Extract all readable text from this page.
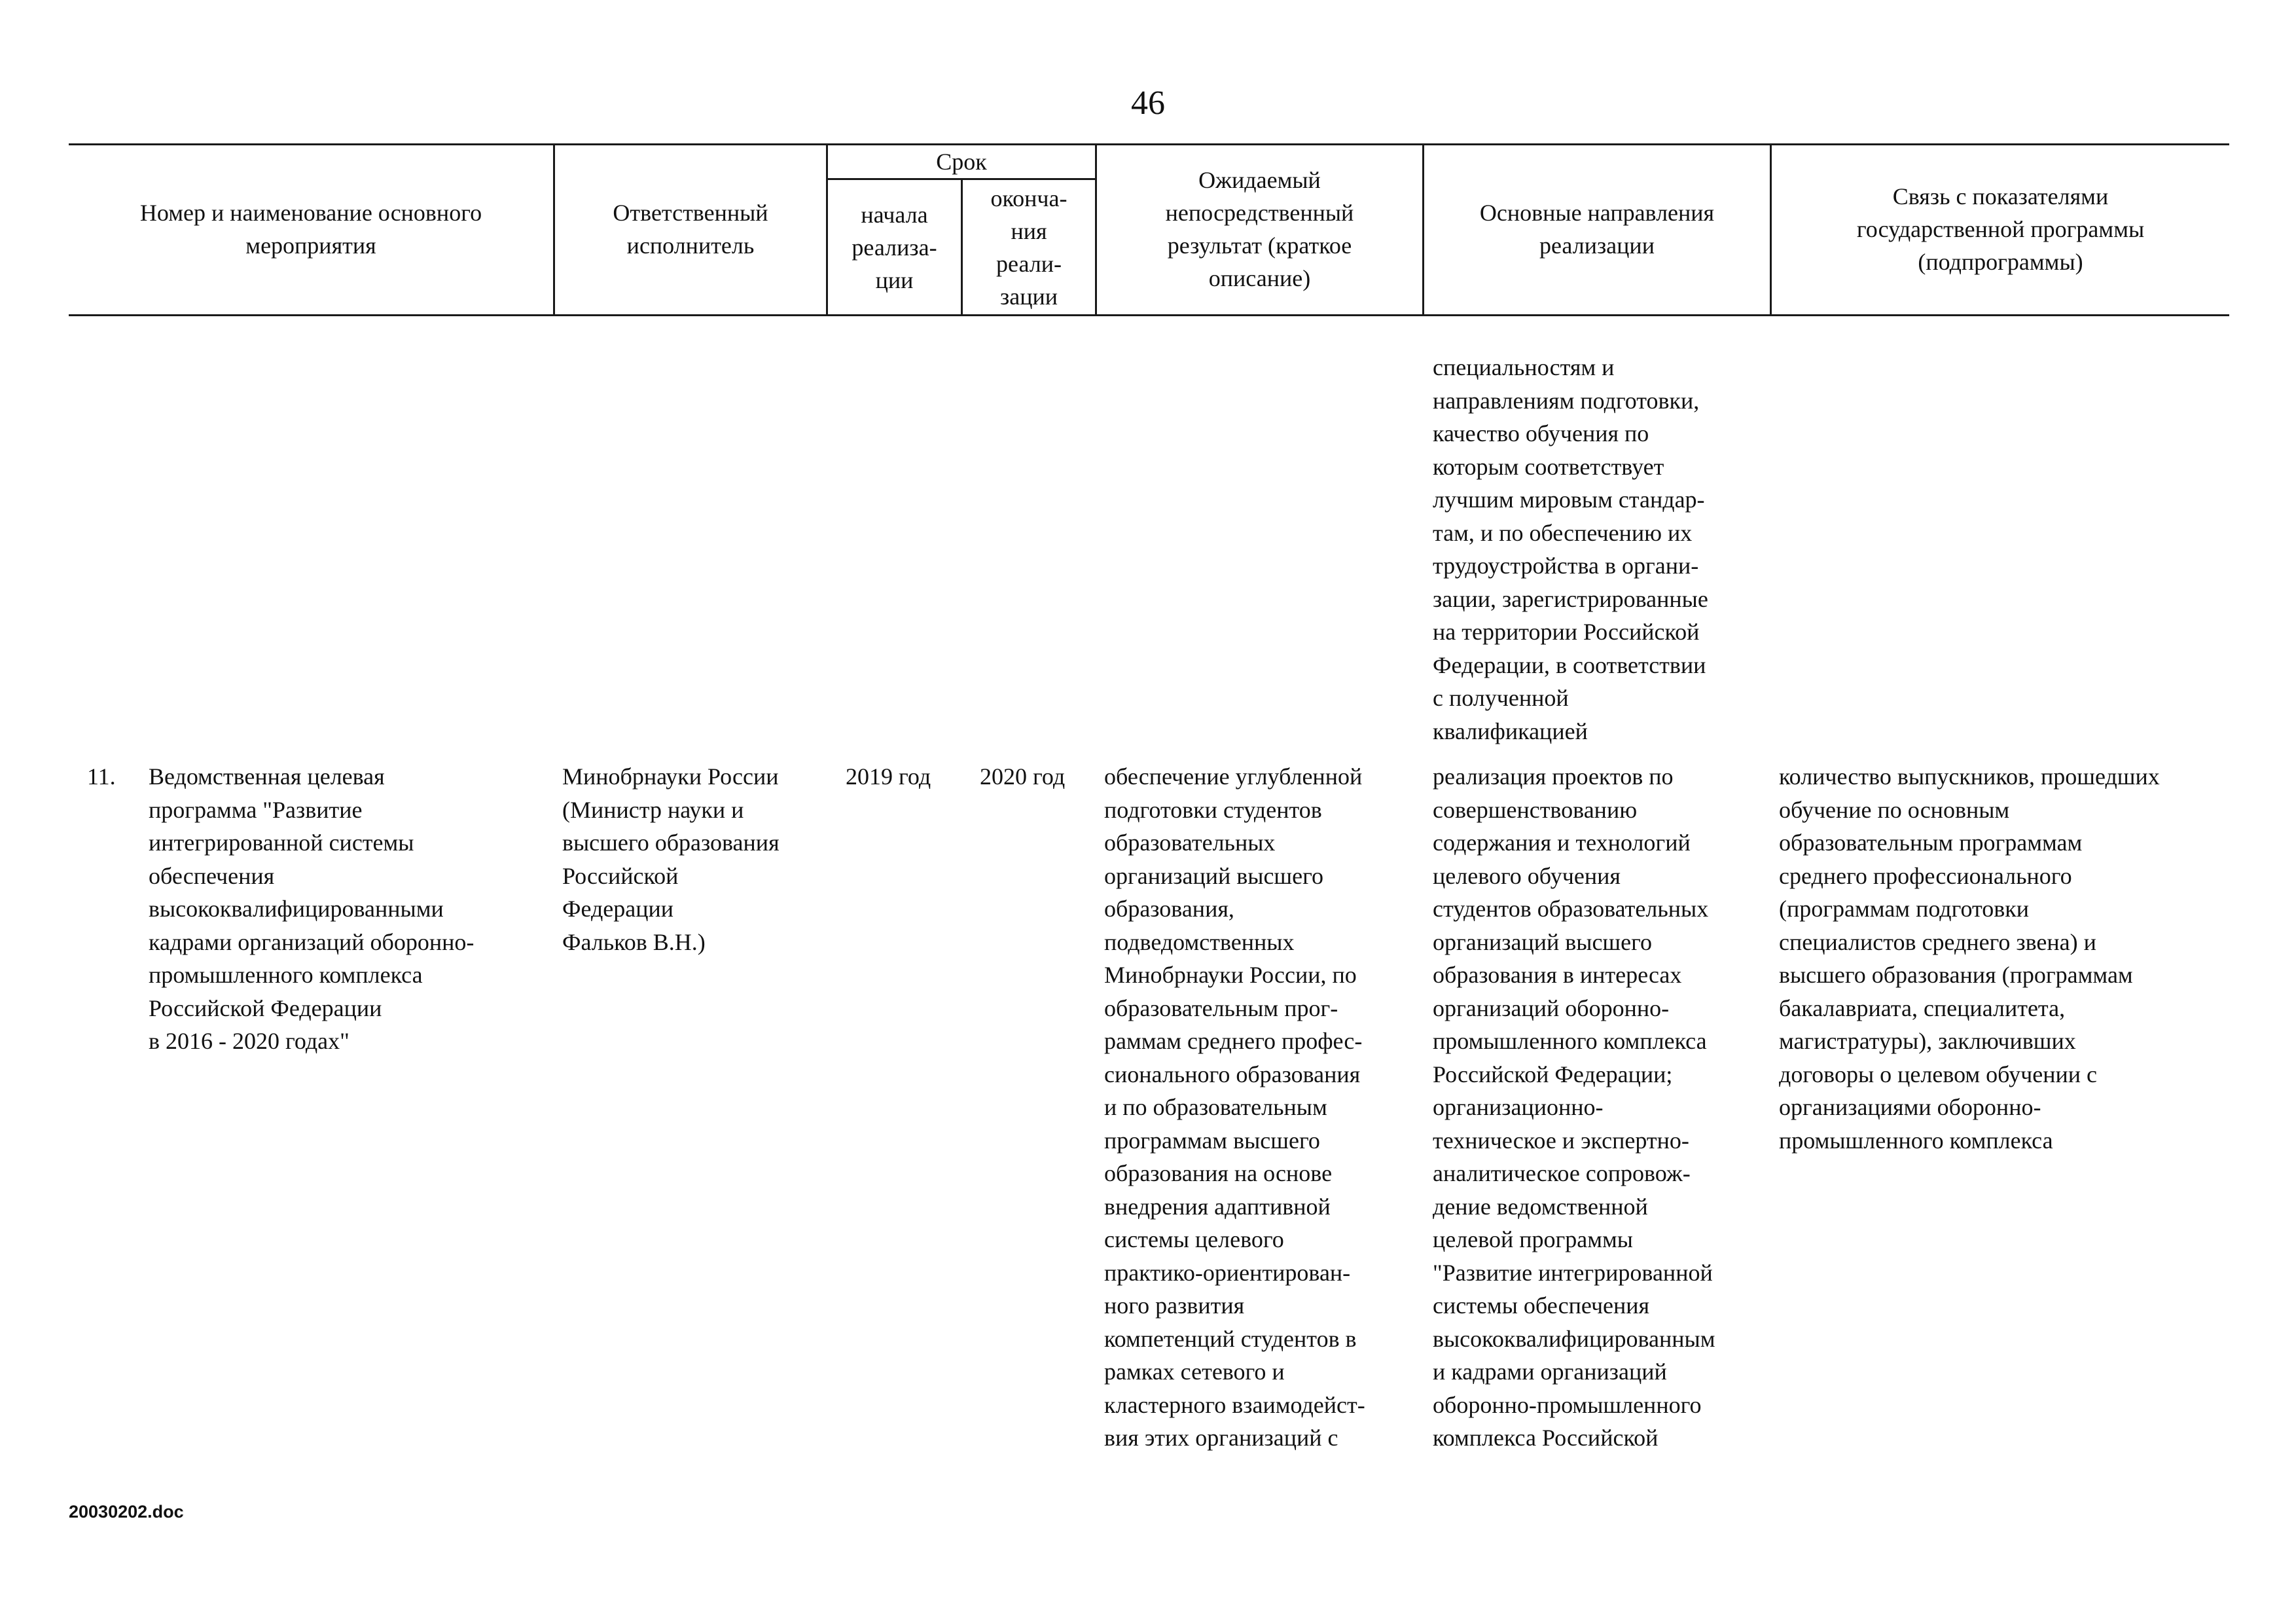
46
Номер и наименование основного
мероприятия
Ответственный
исполнитель
Срок
начала
реализа-
ции
оконча-
ния
реали-
зации
Ожидаемый
непосредственный
результат (краткое
описание)
Основные направления
реализации
Связь с показателями
государственной программы
(подпрограммы)
специальностям и
направлениям подготовки,
качество обучения по
которым соответствует
лучшим мировым стандар-
там, и по обеспечению их
трудоустройства в органи-
зации, зарегистрированные
на территории Российской
Федерации, в соответствии
с полученной
квалификацией
11. Ведомственная целевая
программа "Развитие
интегрированной системы
обеспечения
высококвалифицированными
кадрами организаций оборонно-
промышленного комплекса
Российской Федерации
в 2016 - 2020 годах"
Минобрнауки России
(Министр науки и
высшего образования
Российской
Федерации
Фальков В.Н.)
2019 год 2020 год обеспечение углубленной
подготовки студентов
образовательных
организаций высшего
образования,
подведомственных
Минобрнауки России, по
образовательным прог-
раммам среднего профес-
сионального образования
и по образовательным
программам высшего
образования на основе
внедрения адаптивной
системы целевого
практико-ориентирован-
ного развития
компетенций студентов в
рамках сетевого и
кластерного взаимодейст-
вия этих организаций с
реализация проектов по
совершенствованию
содержания и технологий
целевого обучения
студентов образовательных
организаций высшего
образования в интересах
организаций оборонно-
промышленного комплекса
Российской Федерации;
организационно-
техническое и экспертно-
аналитическое сопровож-
дение ведомственной
целевой программы
"Развитие интегрированной
системы обеспечения
высококвалифицированным
и кадрами организаций
оборонно-промышленного
комплекса Российской
количество выпускников, прошедших
обучение по основным
образовательным программам
среднего профессионального
(программам подготовки
специалистов среднего звена) и
высшего образования (программам
бакалавриата, специалитета,
магистратуры), заключивших
договоры о целевом обучении с
организациями оборонно-
промышленного комплекса
20030202.doc
